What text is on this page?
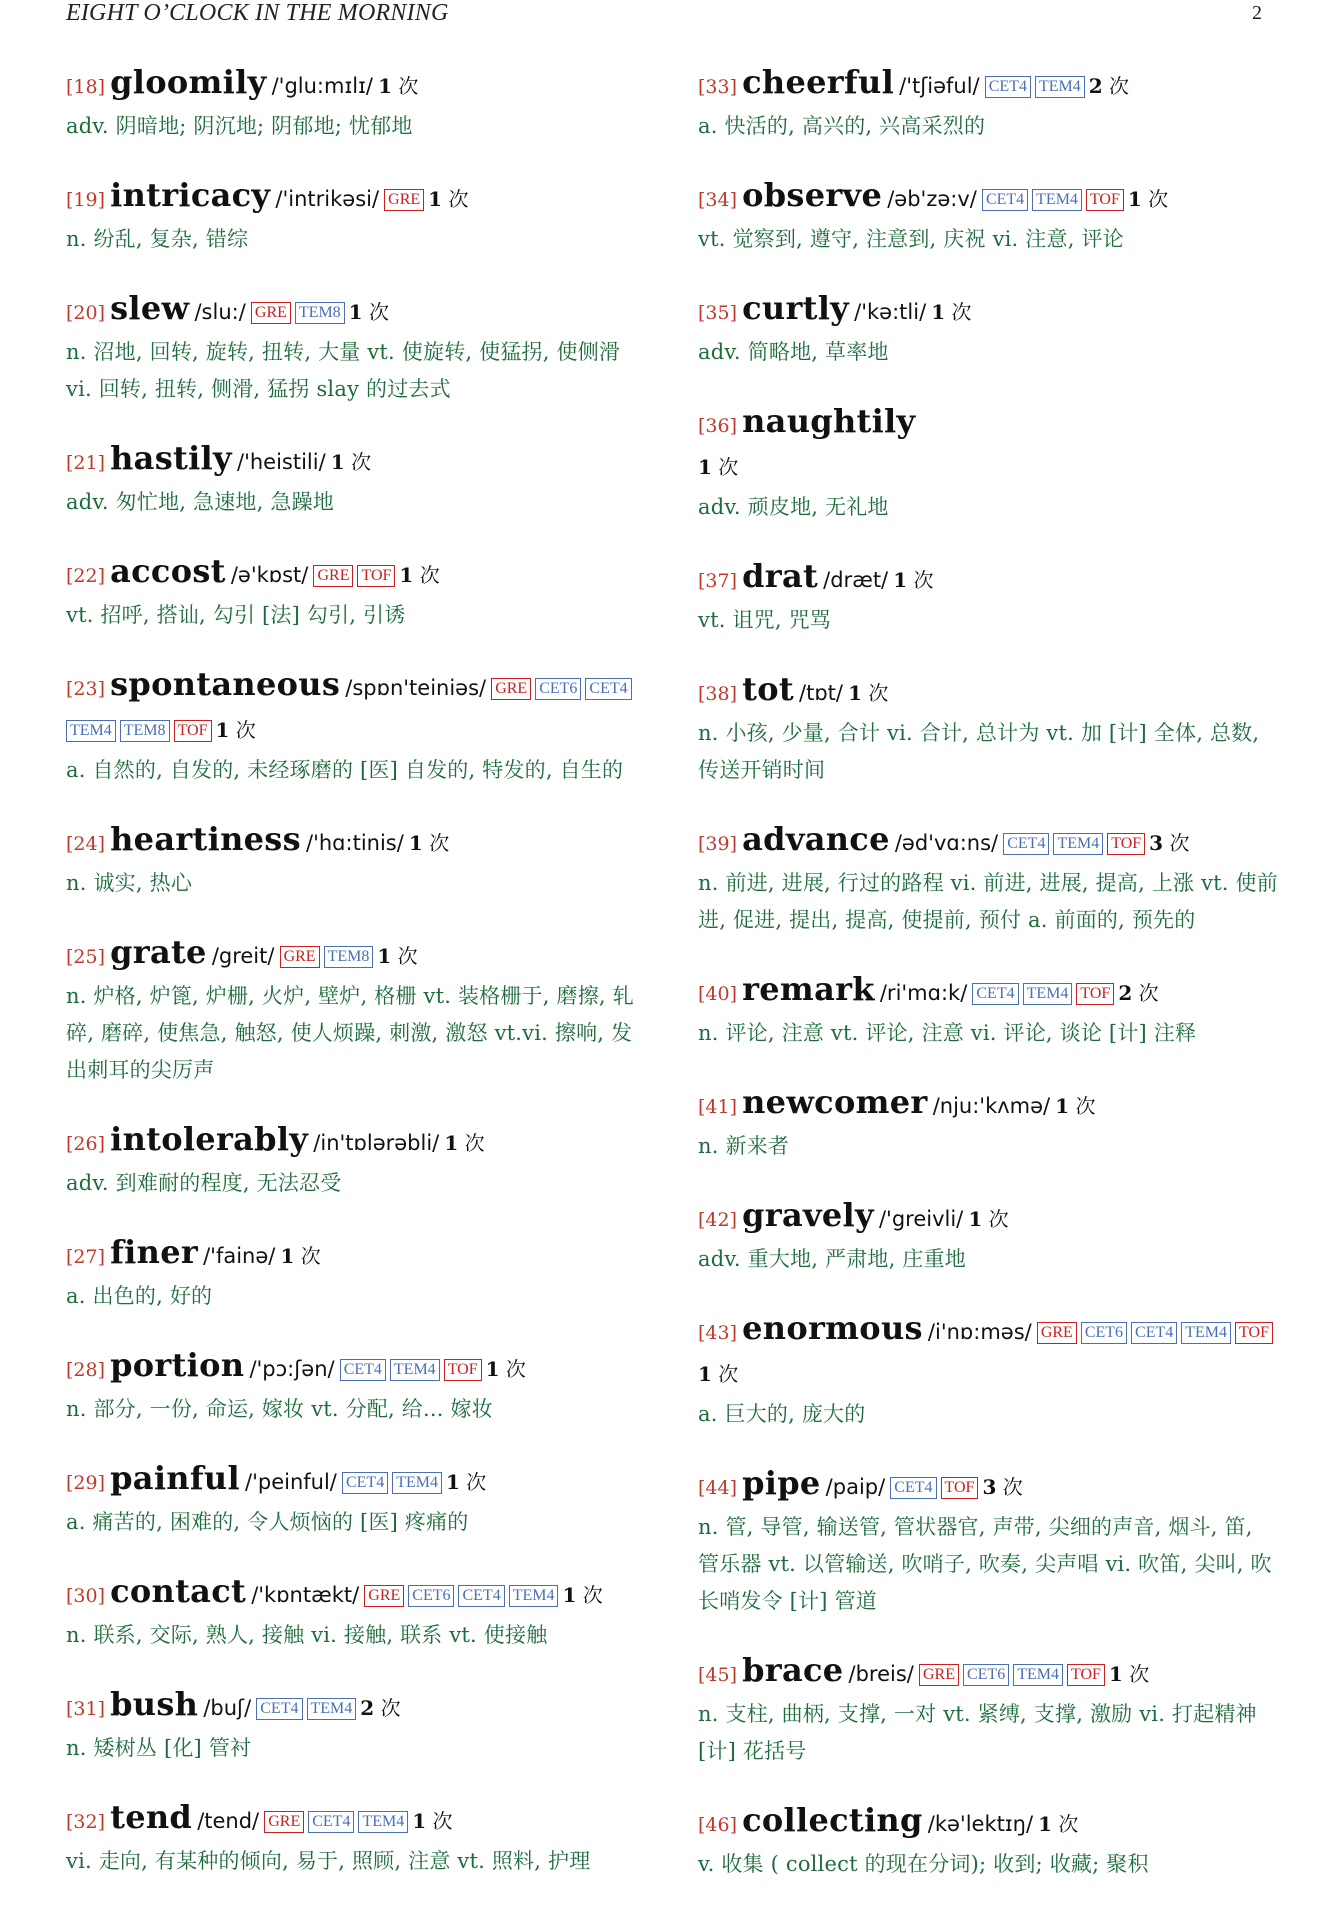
EIGHT O’CLOCK IN THE MORNING	2
[18] gloomily /'glu:mɪlɪ/ 1 次
adv. 阴暗地; 阴沉地; 阴郁地; 忧郁地
[19] intricacy /'intrikəsi/ GRE 1 次
n. 纷乱, 复杂, 错综
[20] slew /slu:/ GRE TEM8 1 次
n. 沼地, 回转, 旋转, 扭转, 大量 vt. 使旋转, 使猛拐, 使侧滑 vi. 回转, 扭转, 侧滑, 猛拐 slay 的过去式
[21] hastily /'heistili/ 1 次
adv. 匆忙地, 急速地, 急躁地
[22] accost /ə'kɒst/ GRE TOF 1 次
vt. 招呼, 搭讪, 勾引 [法] 勾引, 引诱
[23] spontaneous /spɒn'teiniəs/ GRE CET6 CET4TEM4 TEM8 TOF 1 次
a. 自然的, 自发的, 未经琢磨的 [医] 自发的, 特发的, 自生的
[24] heartiness /'hɑ:tinis/ 1 次
n. 诚实, 热心
[25] grate /greit/ GRE TEM8 1 次
n. 炉格, 炉篦, 炉栅, 火炉, 壁炉, 格栅 vt. 装格栅于, 磨擦, 轧碎, 磨碎, 使焦急, 触怒, 使人烦躁, 刺激, 激怒 vt.vi. 擦响, 发出刺耳的尖厉声
[26] intolerably /in'tɒlərəbli/ 1 次
adv. 到难耐的程度, 无法忍受
[27] finer /'fainə/ 1 次
a. 出色的, 好的
[28] portion /'pɔ:ʃən/ CET4 TEM4 TOF 1 次
n. 部分, 一份, 命运, 嫁妆 vt. 分配, 给... 嫁妆
[29] painful /'peinful/ CET4 TEM4 1 次
a. 痛苦的, 困难的, 令人烦恼的 [医] 疼痛的
[30] contact /'kɒntækt/ GRE CET6 CET4 TEM4 1 次
n. 联系, 交际, 熟人, 接触 vi. 接触, 联系 vt. 使接触
[31] bush /buʃ/ CET4 TEM4 2 次
n. 矮树丛 [化] 管衬
[32] tend /tend/ GRE CET4 TEM4 1 次
vi. 走向, 有某种的倾向, 易于, 照顾, 注意 vt. 照料, 护理
[33] cheerful /'tʃiəful/ CET4 TEM4 2 次
a. 快活的, 高兴的, 兴高采烈的
[34] observe /əb'zə:v/ CET4 TEM4 TOF 1 次
vt. 觉察到, 遵守, 注意到, 庆祝 vi. 注意, 评论
[35] curtly /'kə:tli/ 1 次
adv. 简略地, 草率地
[36] naughtily
1 次
adv. 顽皮地, 无礼地
[37] drat /dræt/ 1 次
vt. 诅咒, 咒骂
[38] tot /tɒt/ 1 次
n. 小孩, 少量, 合计 vi. 合计, 总计为 vt. 加 [计] 全体, 总数, 传送开销时间
[39] advance /əd'vɑ:ns/ CET4 TEM4 TOF 3 次
n. 前进, 进展, 行过的路程 vi. 前进, 进展, 提高, 上涨 vt. 使前进, 促进, 提出, 提高, 使提前, 预付 a. 前面的, 预先的
[40] remark /ri'mɑ:k/ CET4 TEM4 TOF 2 次
n. 评论, 注意 vt. 评论, 注意 vi. 评论, 谈论 [计] 注释
[41] newcomer /nju:'kʌmə/ 1 次
n. 新来者
[42] gravely /'greivli/ 1 次
adv. 重大地, 严肃地, 庄重地
[43] enormous /i'nɒ:məs/ GRE CET6 CET4 TEM4 TOF1 次
a. 巨大的, 庞大的
[44] pipe /paip/ CET4 TOF 3 次
n. 管, 导管, 输送管, 管状器官, 声带, 尖细的声音, 烟斗, 笛, 管乐器 vt. 以管输送, 吹哨子, 吹奏, 尖声唱 vi. 吹笛, 尖叫, 吹长哨发令 [计] 管道
[45] brace /breis/ GRE CET6 TEM4 TOF 1 次
n. 支柱, 曲柄, 支撑, 一对 vt. 紧缚, 支撑, 激励 vi. 打起精神 [计] 花括号
[46] collecting /kə'lektɪŋ/ 1 次
v. 收集 ( collect 的现在分词); 收到; 收藏; 聚积
